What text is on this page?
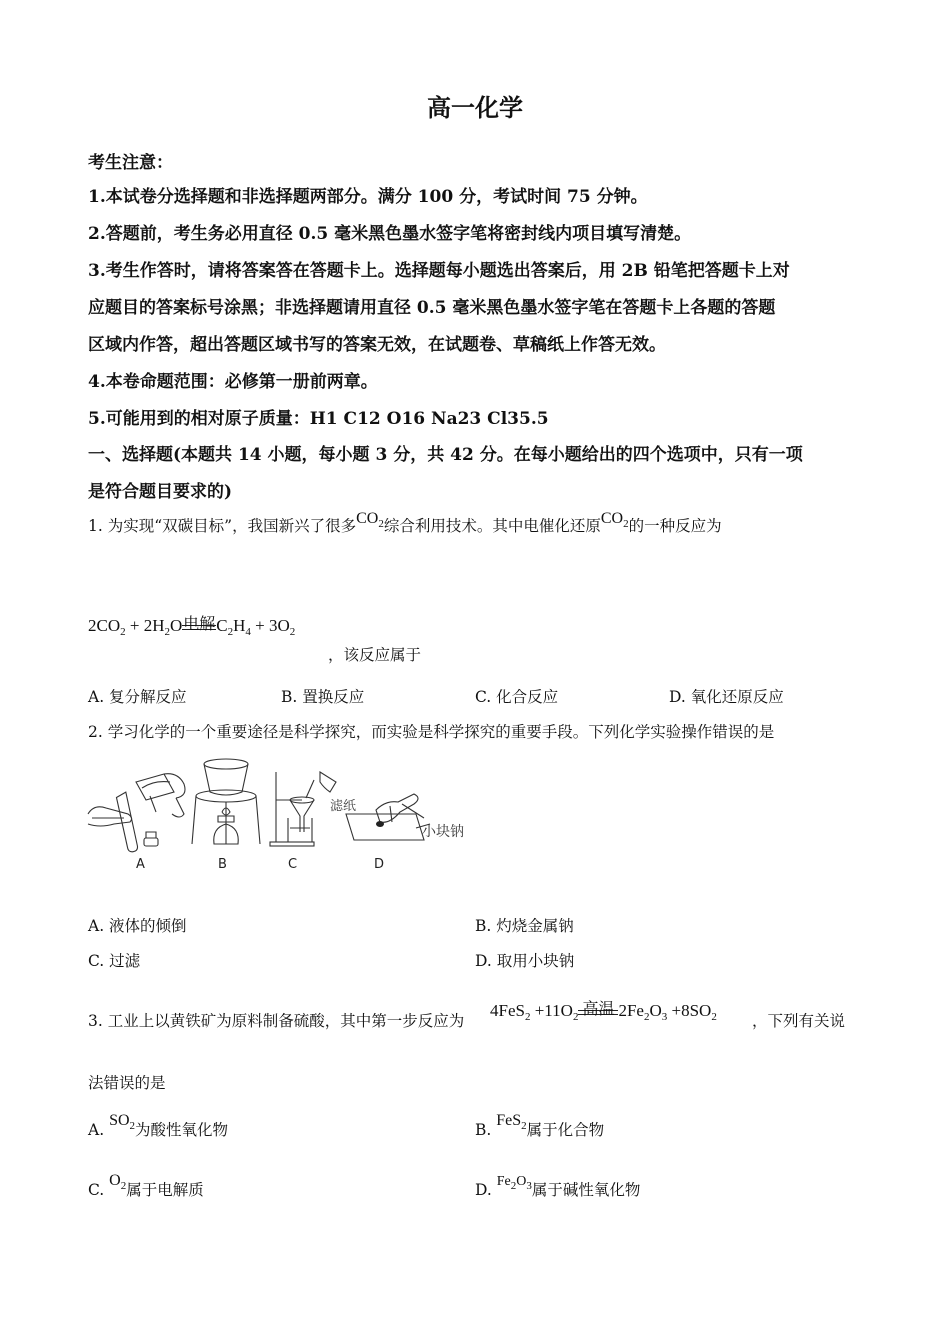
高一化学
考生注意：
1.本试卷分选择题和非选择题两部分。满分 100 分，考试时间 75 分钟。
2.答题前，考生务必用直径 0.5 毫米黑色墨水签字笔将密封线内项目填写清楚。
3.考生作答时，请将答案答在答题卡上。选择题每小题选出答案后，用 2B 铅笔把答题卡上对
应题目的答案标号涂黑；非选择题请用直径 0.5 毫米黑色墨水签字笔在答题卡上各题的答题
区域内作答，超出答题区域书写的答案无效，在试题卷、草稿纸上作答无效。
4.本卷命题范围：必修第一册前两章。
5.可能用到的相对原子质量：H1 C12 O16 Na23 Cl35.5
一、选择题(本题共 14 小题，每小题 3 分，共 42 分。在每小题给出的四个选项中，只有一项
是符合题目要求的)
1. 为实现“双碳目标”，我国新兴了很多$CO_2$综合利用技术。其中电催化还原$CO_2$的一种反应为
$2CO_2 + 2H_2O$ 电解 $C_2H_4 + 3O_2$
，该反应属于
A. 复分解反应	B. 置换反应	C. 化合反应	D. 氧化还原反应
2. 学习化学的一个重要途径是科学探究，而实验是科学探究的重要手段。下列化学实验操作错误的是
A	B	C	D
滤纸
小块钠
A. 液体的倾倒	B. 灼烧金属钠
C. 过滤	D. 取用小块钠
3. 工业上以黄铁矿为原料制备硫酸，其中第一步反应为
$4FeS_2 +11O_2$ 高温 $2Fe_2O_3 +8SO_2$ ，下列有关说
法错误的是
A. $SO_2$为酸性氧化物	B. FeS$_2$属于化合物
C. $O_2$属于电解质	D. $Fe_2O_3$属于碱性氧化物
